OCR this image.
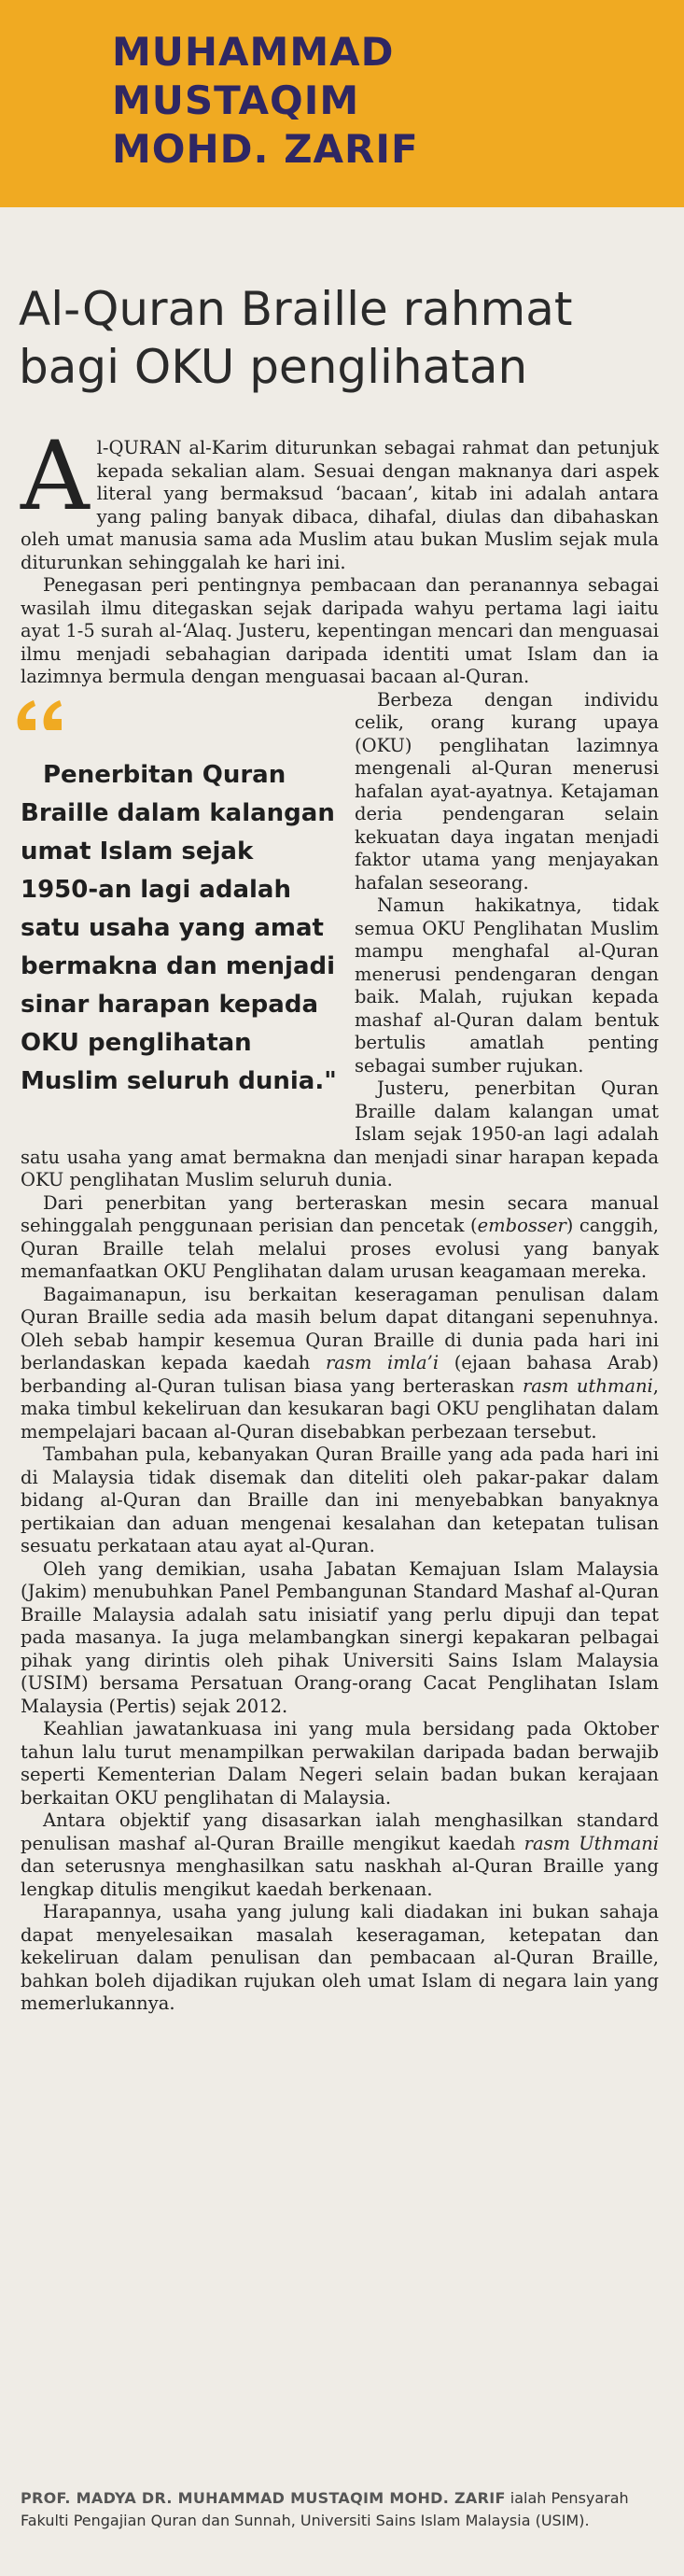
MUHAMMAD
MUSTAQIM
MOHD. ZARIF
Al-Quran Braille rahmat
bagi OKU penglihatan

Al-QURAN al-Karim diturunkan sebagai rahmat dan petunjuk kepada sekalian alam. Sesuai dengan maknanya dari aspek literal yang bermaksud ‘bacaan’, kitab ini adalah antara yang paling banyak dibaca, dihafal, diulas dan dibahaskan oleh umat manusia sama ada Muslim atau bukan Muslim sejak mula diturunkan sehinggalah ke hari ini.

Penegasan peri pentingnya pembacaan dan peranannya sebagai wasilah ilmu ditegaskan sejak daripada wahyu pertama lagi iaitu ayat 1-5 surah al-‘Alaq. Justeru, kepentingan mencari dan menguasai ilmu menjadi sebahagian daripada identiti umat Islam dan ia lazimnya bermula dengan menguasai bacaan al-Quran.

Penerbitan Quran Braille dalam kalangan umat Islam sejak 1950-an lagi adalah satu usaha yang amat bermakna dan menjadi sinar harapan kepada OKU penglihatan Muslim seluruh dunia."

Berbeza dengan individu celik, orang kurang upaya (OKU) penglihatan lazimnya mengenali al-Quran menerusi hafalan ayat-ayatnya. Ketajaman deria pendengaran selain kekuatan daya ingatan menjadi faktor utama yang menjayakan hafalan seseorang.

Namun hakikatnya, tidak semua OKU Penglihatan Muslim mampu menghafal al-Quran menerusi pendengaran dengan baik. Malah, rujukan kepada mashaf al-Quran dalam bentuk bertulis amatlah penting sebagai sumber rujukan.

Justeru, penerbitan Quran Braille dalam kalangan umat Islam sejak 1950-an lagi adalah satu usaha yang amat bermakna dan menjadi sinar harapan kepada OKU penglihatan Muslim seluruh dunia.

Dari penerbitan yang berteraskan mesin secara manual sehinggalah penggunaan perisian dan pencetak (embosser) canggih, Quran Braille telah melalui proses evolusi yang banyak memanfaatkan OKU Penglihatan dalam urusan keagamaan mereka.

Bagaimanapun, isu berkaitan keseragaman penulisan dalam Quran Braille sedia ada masih belum dapat ditangani sepenuhnya. Oleh sebab hampir kesemua Quran Braille di dunia pada hari ini berlandaskan kepada kaedah rasm imla’i (ejaan bahasa Arab) berbanding al-Quran tulisan biasa yang berteraskan rasm uthmani, maka timbul kekeliruan dan kesukaran bagi OKU penglihatan dalam mempelajari bacaan al-Quran disebabkan perbezaan tersebut.

Tambahan pula, kebanyakan Quran Braille yang ada pada hari ini di Malaysia tidak disemak dan diteliti oleh pakar-pakar dalam bidang al-Quran dan Braille dan ini menyebabkan banyaknya pertikaian dan aduan mengenai kesalahan dan ketepatan tulisan sesuatu perkataan atau ayat al-Quran.

Oleh yang demikian, usaha Jabatan Kemajuan Islam Malaysia (Jakim) menubuhkan Panel Pembangunan Standard Mashaf al-Quran Braille Malaysia adalah satu inisiatif yang perlu dipuji dan tepat pada masanya. Ia juga melambangkan sinergi kepakaran pelbagai pihak yang dirintis oleh pihak Universiti Sains Islam Malaysia (USIM) bersama Persatuan Orang-orang Cacat Penglihatan Islam Malaysia (Pertis) sejak 2012.

Keahlian jawatankuasa ini yang mula bersidang pada Oktober tahun lalu turut menampilkan perwakilan daripada badan berwajib seperti Kementerian Dalam Negeri selain badan bukan kerajaan berkaitan OKU penglihatan di Malaysia.

Antara objektif yang disasarkan ialah menghasilkan standard penulisan mashaf al-Quran Braille mengikut kaedah rasm Uthmani dan seterusnya menghasilkan satu naskhah al-Quran Braille yang lengkap ditulis mengikut kaedah berkenaan.

Harapannya, usaha yang julung kali diadakan ini bukan sahaja dapat menyelesaikan masalah keseragaman, ketepatan dan kekeliruan dalam penulisan dan pembacaan al-Quran Braille, bahkan boleh dijadikan rujukan oleh umat Islam di negara lain yang memerlukannya.

PROF. MADYA DR. MUHAMMAD MUSTAQIM MOHD. ZARIF ialah Pensyarah Fakulti Pengajian Quran dan Sunnah, Universiti Sains Islam Malaysia (USIM).
